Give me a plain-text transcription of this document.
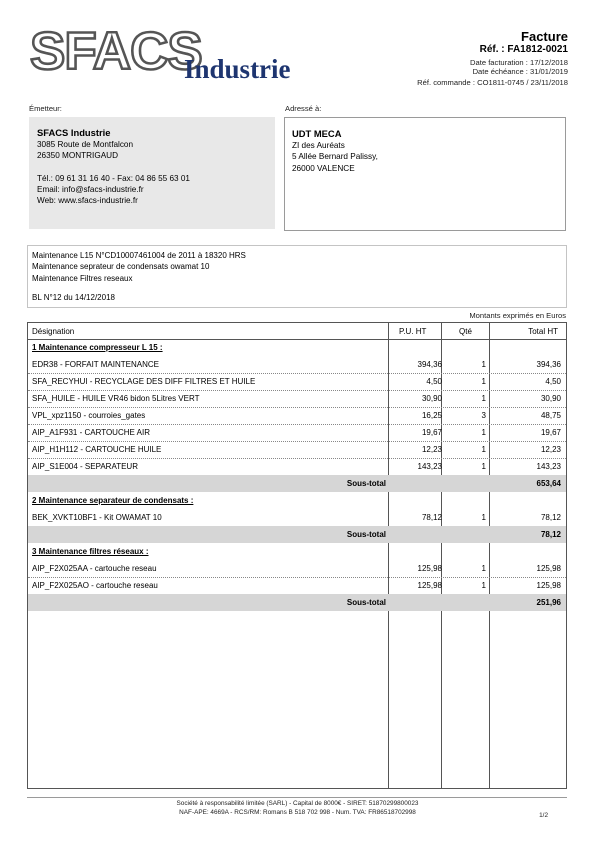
SFACS
Industrie
Facture
Réf. : FA1812-0021
Date facturation : 17/12/2018
Date échéance : 31/01/2019
Réf. commande : CO1811-0745 / 23/11/2018
Émetteur:
SFACS Industrie
3085 Route de Montfalcon
26350 MONTRIGAUD
Tél.: 09 61 31 16 40 - Fax: 04 86 55 63 01
Email: info@sfacs-industrie.fr
Web: www.sfacs-industrie.fr
Adressé à:
UDT MECA
ZI des Auréats
5 Allée Bernard Palissy,
26000 VALENCE
Maintenance L15 N°CD10007461004 de 2011 à 18320 HRS
Maintenance seprateur de condensats owamat 10
Maintenance Filtres reseaux
BL N°12 du 14/12/2018
Montants exprimés en Euros
Désignation	P.U. HT	Qté	Total HT
1 Maintenance compresseur L 15 :
EDR38 - FORFAIT MAINTENANCE	394,36	1	394,36
SFA_RECYHUI - RECYCLAGE DES DIFF FILTRES ET HUILE	4,50	1	4,50
SFA_HUILE - HUILE VR46 bidon 5Litres VERT	30,90	1	30,90
VPL_xpz1150 - courroies_gates	16,25	3	48,75
AIP_A1F931 - CARTOUCHE AIR	19,67	1	19,67
AIP_H1H112 - CARTOUCHE HUILE	12,23	1	12,23
AIP_S1E004 - SEPARATEUR	143,23	1	143,23
Sous-total	653,64
2 Maintenance separateur de condensats :
BEK_XVKT10BF1 - Kit OWAMAT 10	78,12	1	78,12
Sous-total	78,12
3 Maintenance filtres réseaux :
AIP_F2X025AA - cartouche reseau	125,98	1	125,98
AIP_F2X025AO - cartouche reseau	125,98	1	125,98
Sous-total	251,96
Société à responsabilité limitée (SARL) - Capital de 8000€ - SIRET: 51870299800023
NAF-APE: 4669A - RCS/RM: Romans B 518 702 998 - Num. TVA: FR86518702998	1/2
